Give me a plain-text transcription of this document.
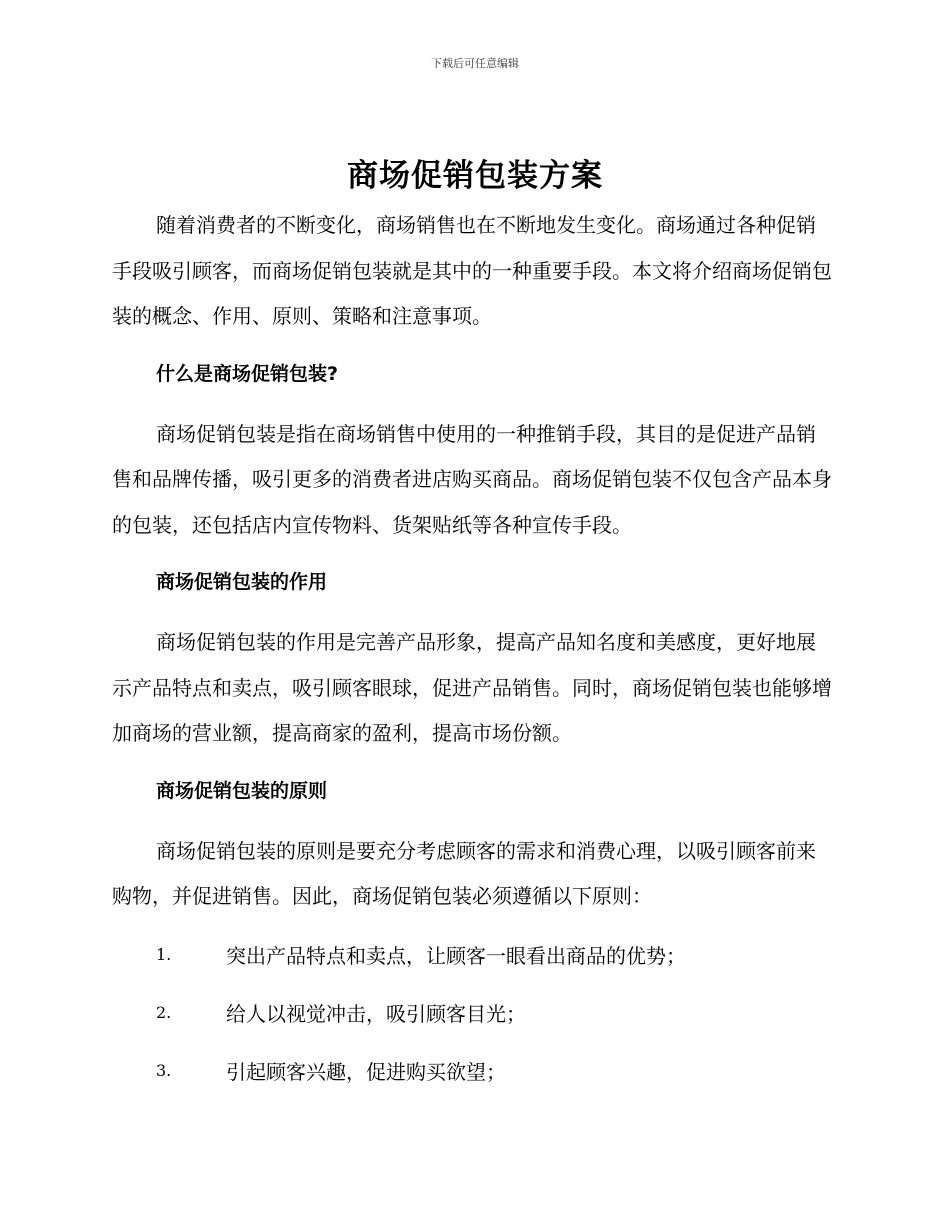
下载后可任意编辑
商场促销包装方案

随着消费者的不断变化，商场销售也在不断地发生变化。商场通过各种促销手段吸引顾客，而商场促销包装就是其中的一种重要手段。本文将介绍商场促销包装的概念、作用、原则、策略和注意事项。

什么是商场促销包装?

商场促销包装是指在商场销售中使用的一种推销手段，其目的是促进产品销售和品牌传播，吸引更多的消费者进店购买商品。商场促销包装不仅包含产品本身的包装，还包括店内宣传物料、货架贴纸等各种宣传手段。

商场促销包装的作用

商场促销包装的作用是完善产品形象，提高产品知名度和美感度，更好地展示产品特点和卖点，吸引顾客眼球，促进产品销售。同时，商场促销包装也能够增加商场的营业额，提高商家的盈利，提高市场份额。

商场促销包装的原则

商场促销包装的原则是要充分考虑顾客的需求和消费心理，以吸引顾客前来购物，并促进销售。因此，商场促销包装必须遵循以下原则：

1.	突出产品特点和卖点，让顾客一眼看出商品的优势；
2.	给人以视觉冲击，吸引顾客目光；
3.	引起顾客兴趣，促进购买欲望；
